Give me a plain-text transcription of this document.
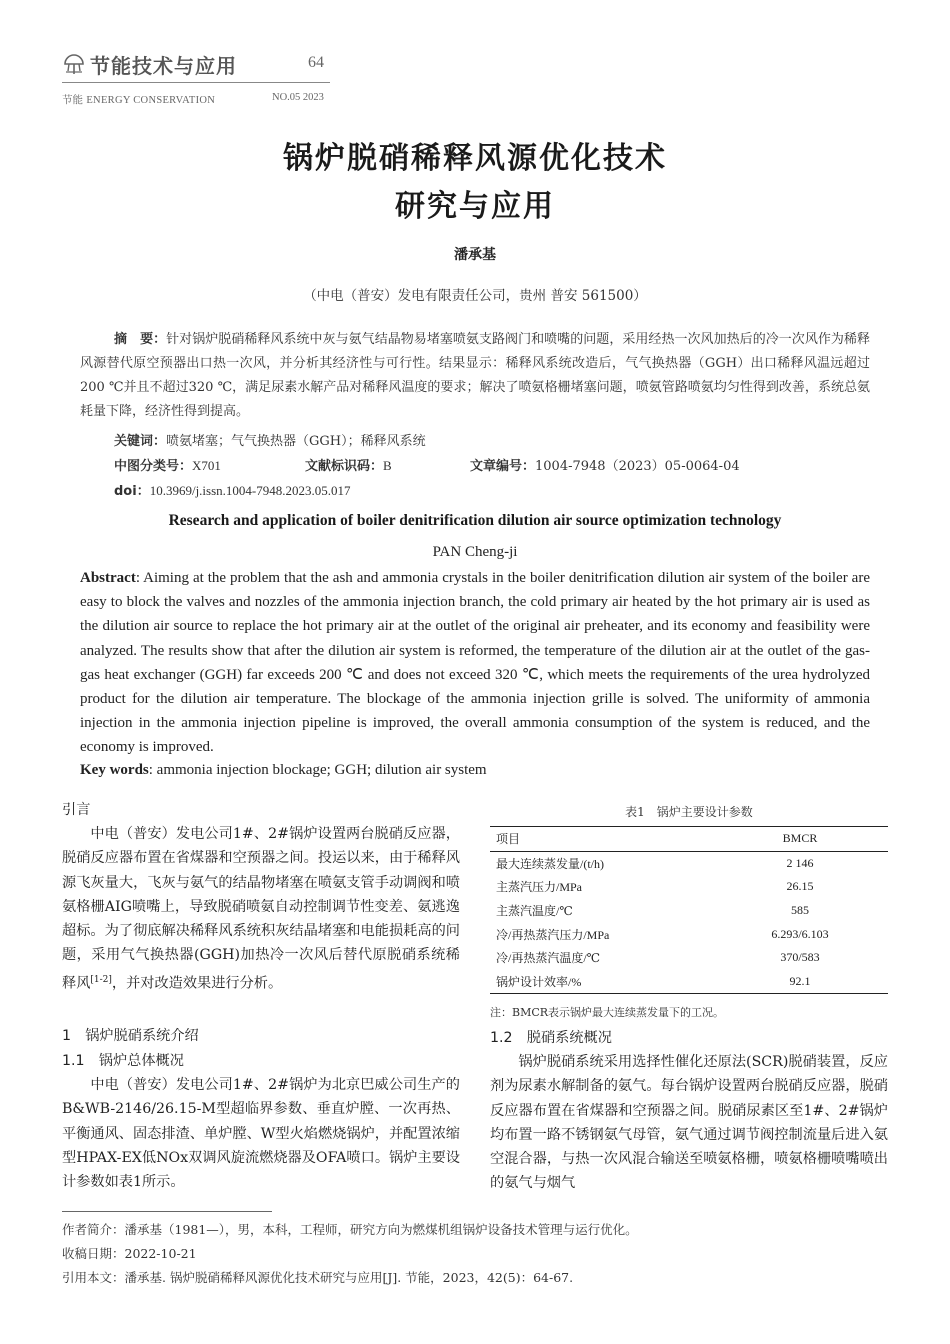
节能技术与应用	64
节能 ENERGY CONSERVATION	NO.05 2023
锅炉脱硝稀释风源优化技术
研究与应用
潘承基
（中电（普安）发电有限责任公司，贵州 普安 561500）
摘　要：针对锅炉脱硝稀释风系统中灰与氨气结晶物易堵塞喷氨支路阀门和喷嘴的问题，采用经热一次风加热后的冷一次风作为稀释风源替代原空预器出口热一次风，并分析其经济性与可行性。结果显示：稀释风系统改造后，气气换热器（GGH）出口稀释风温远超过200 ℃并且不超过320 ℃，满足尿素水解产品对稀释风温度的要求；解决了喷氨格栅堵塞问题，喷氨管路喷氨均匀性得到改善，系统总氨耗量下降，经济性得到提高。
关键词：喷氨堵塞；气气换热器（GGH）；稀释风系统
中图分类号：X701	文献标识码：B	文章编号：1004-7948（2023）05-0064-04
doi：10.3969/j.issn.1004-7948.2023.05.017
Research and application of boiler denitrification dilution air source optimization technology
PAN Cheng-ji
Abstract: Aiming at the problem that the ash and ammonia crystals in the boiler denitrification dilution air system of the boiler are easy to block the valves and nozzles of the ammonia injection branch, the cold primary air heated by the hot primary air is used as the dilution air source to replace the hot primary air at the outlet of the original air preheater, and its economy and feasibility were analyzed. The results show that after the dilution air system is reformed, the temperature of the dilution air at the outlet of the gas-gas heat exchanger (GGH) far exceeds 200 ℃ and does not exceed 320 ℃, which meets the requirements of the urea hydrolyzed product for the dilution air temperature. The blockage of the ammonia injection grille is solved. The uniformity of ammonia injection in the ammonia injection pipeline is improved, the overall ammonia consumption of the system is reduced, and the economy is improved.
Key words: ammonia injection blockage; GGH; dilution air system
引言
中电（普安）发电公司1#、2#锅炉设置两台脱硝反应器，脱硝反应器布置在省煤器和空预器之间。投运以来，由于稀释风源飞灰量大，飞灰与氨气的结晶物堵塞在喷氨支管手动调阀和喷氨格栅AIG喷嘴上，导致脱硝喷氨自动控制调节性变差、氨逃逸超标。为了彻底解决稀释风系统积灰结晶堵塞和电能损耗高的问题，采用气气换热器(GGH)加热冷一次风后替代原脱硝系统稀释风[1-2]，并对改造效果进行分析。
1　锅炉脱硝系统介绍
1.1　锅炉总体概况
中电（普安）发电公司1#、2#锅炉为北京巴威公司生产的B&WB-2146/26.15-M型超临界参数、垂直炉膛、一次再热、平衡通风、固态排渣、单炉膛、W型火焰燃烧锅炉，并配置浓缩型HPAX-EX低NOx双调风旋流燃烧器及OFA喷口。锅炉主要设计参数如表1所示。
表1　锅炉主要设计参数
项目	BMCR
最大连续蒸发量/(t/h)	2 146
主蒸汽压力/MPa	26.15
主蒸汽温度/℃	585
冷/再热蒸汽压力/MPa	6.293/6.103
冷/再热蒸汽温度/℃	370/583
锅炉设计效率/%	92.1
注：BMCR表示锅炉最大连续蒸发量下的工况。
1.2　脱硝系统概况
锅炉脱硝系统采用选择性催化还原法(SCR)脱硝装置，反应剂为尿素水解制备的氨气。每台锅炉设置两台脱硝反应器，脱硝反应器布置在省煤器和空预器之间。脱硝尿素区至1#、2#锅炉均布置一路不锈钢氨气母管，氨气通过调节阀控制流量后进入氨空混合器，与热一次风混合输送至喷氨格栅，喷氨格栅喷嘴喷出的氨气与烟气
作者简介：潘承基（1981—），男，本科，工程师，研究方向为燃煤机组锅炉设备技术管理与运行优化。
收稿日期：2022-10-21
引用本文：潘承基. 锅炉脱硝稀释风源优化技术研究与应用[J]. 节能，2023，42(5)：64-67.
